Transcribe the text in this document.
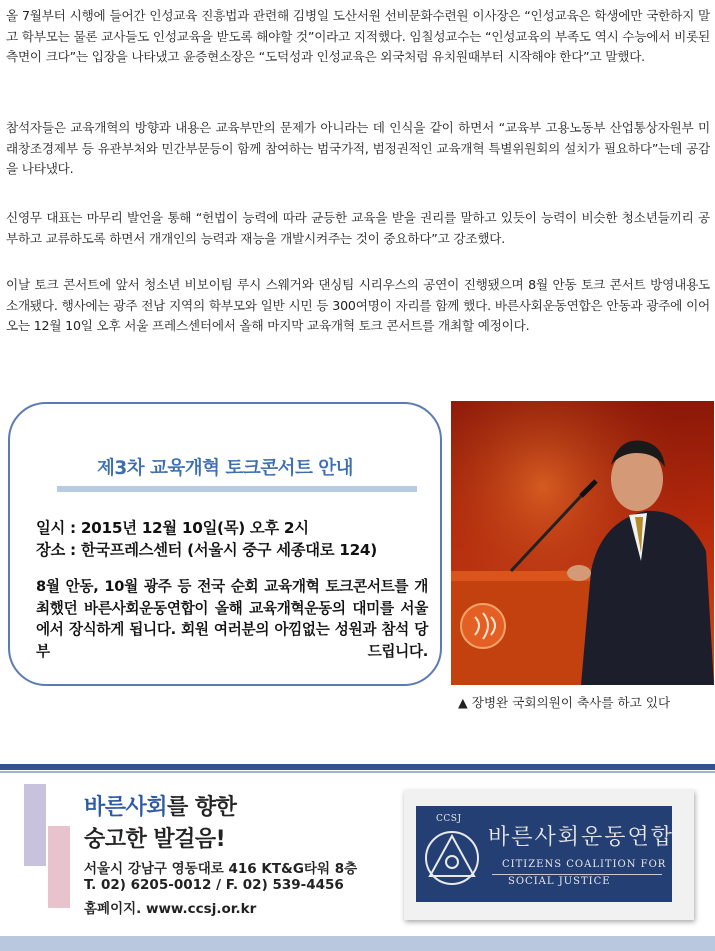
올 7월부터 시행에 들어간 인성교육 진흥법과 관련해 김병일 도산서원 선비문화수련원 이사장은 “인성교육은 학생에만 국한하지 말고 학부모는 물론 교사들도 인성교육을 받도록 해야할 것”이라고 지적했다. 임칠성교수는 “인성교육의 부족도 역시 수능에서 비롯된 측면이 크다”는 입장을 나타냈고 윤증현소장은 “도덕성과 인성교육은 외국처럼 유치원때부터 시작해야 한다”고 말했다.

참석자들은 교육개혁의 방향과 내용은 교육부만의 문제가 아니라는 데 인식을 같이 하면서 “교육부 고용노동부 산업통상자원부 미래창조경제부 등 유관부처와 민간부문등이 함께 참여하는 범국가적, 범정권적인 교육개혁 특별위원회의 설치가 필요하다”는데 공감을 나타냈다.

신영무 대표는 마무리 발언을 통해 “헌법이 능력에 따라 균등한 교육을 받을 권리를 말하고 있듯이 능력이 비슷한 청소년들끼리 공부하고 교류하도록 하면서 개개인의 능력과 재능을 개발시켜주는 것이 중요하다”고 강조했다.

이날 토크 콘서트에 앞서 청소년 비보이팀 루시 스웨거와 댄싱팀 시리우스의 공연이 진행됐으며 8월 안동 토크 콘서트 방영내용도 소개됐다. 행사에는 광주 전남 지역의 학부모와 일반 시민 등 300여명이 자리를 함께 했다. 바른사회운동연합은 안동과 광주에 이어 오는 12월 10일 오후 서울 프레스센터에서 올해 마지막 교육개혁 토크 콘서트를 개최할 예정이다.

제3차 교육개혁 토크콘서트 안내
일시 : 2015년 12월 10일(목) 오후 2시
장소 : 한국프레스센터 (서울시 중구 세종대로 124)
8월 안동, 10월 광주 등 전국 순회 교육개혁 토크콘서트를 개최했던 바른사회운동연합이 올해 교육개혁운동의 대미를 서울에서 장식하게 됩니다. 회원 여러분의 아낌없는 성원과 참석 당부 드립니다.
▲ 장병완 국회의원이 축사를 하고 있다
바른사회를 향한
숭고한 발걸음!
서울시 강남구 영동대로 416 KT&G타워 8층
T. 02) 6205-0012 / F. 02) 539-4456
홈페이지. www.ccsj.or.kr
CCSJ
바른사회운동연합
CITIZENS COALITION FOR
SOCIAL JUSTICE
